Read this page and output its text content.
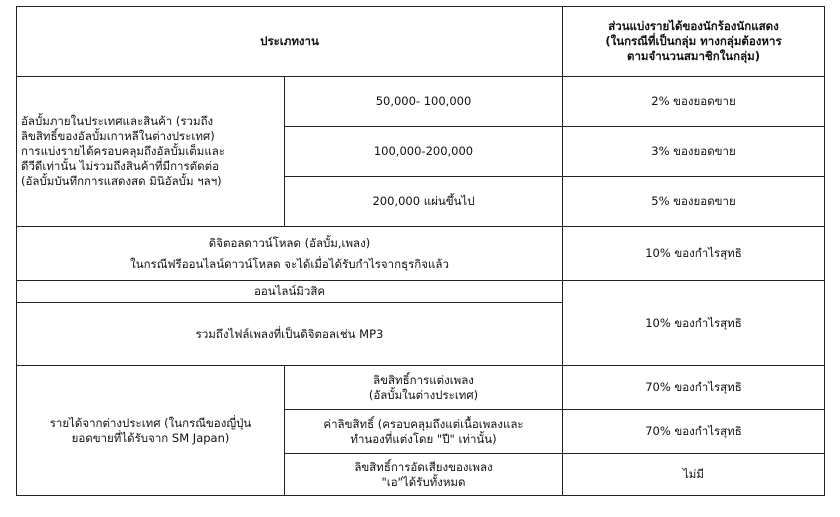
ประเภทงาน		ส่วนแบ่งรายได้ของนักร้องนักแสดง
(ในกรณีที่เป็นกลุ่ม ทางกลุ่มต้องหาร
ตามจำนวนสมาชิกในกลุ่ม)

อัลบั้มภายในประเทศและสินค้า (รวมถึง
ลิขสิทธิ์ของอัลบั้มเกาหลีในต่างประเทศ)
การแบ่งรายได้ครอบคลุมถึงอัลบั้มเต็มและ
ดีวีดีเท่านั้น ไม่รวมถึงสินค้าที่มีการตัดต่อ
(อัลบั้มบันทึกการแสดงสด มินิอัลบั้ม ฯลฯ)	50,000- 100,000	2% ของยอดขาย
	100,000-200,000	3% ของยอดขาย
	200,000 แผ่นขึ้นไป	5% ของยอดขาย

ดิจิตอลดาวน์โหลด (อัลบั้ม,เพลง)
ในกรณีฟรีออนไลน์ดาวน์โหลด จะได้เมื่อได้รับกำไรจากธุรกิจแล้ว		10% ของกำไรสุทธิ
ออนไลน์มิวสิค		10% ของกำไรสุทธิ
รวมถึงไฟล์เพลงที่เป็นดิจิตอลเช่น MP3		

รายได้จากต่างประเทศ (ในกรณีของญี่ปุ่น
ยอดขายที่ได้รับจาก SM Japan)	ลิขสิทธิ์การแต่งเพลง
(อัลบั้มในต่างประเทศ)	70% ของกำไรสุทธิ

	ค่าลิขสิทธิ์ (ครอบคลุมถึงแต่เนื้อเพลงและ
ทำนองที่แต่งโดย "ปี" เท่านั้น)	70% ของกำไรสุทธิ

	ลิขสิทธิ์การอัดเสียงของเพลง
"เอ"ได้รับทั้งหมด	ไม่มี
